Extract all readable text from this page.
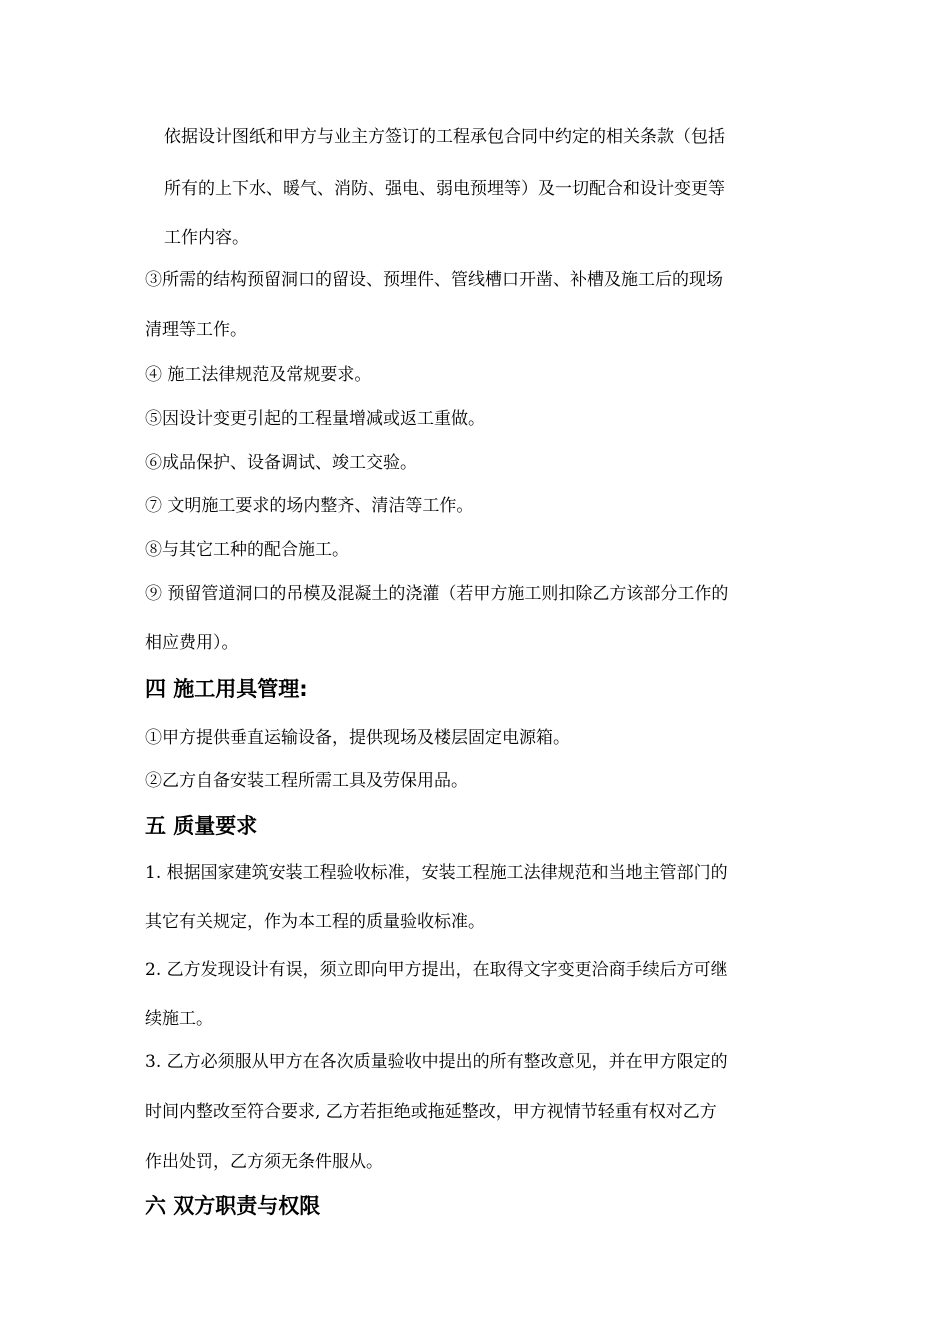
依据设计图纸和甲方与业主方签订的工程承包合同中约定的相关条款（包括
所有的上下水、暖气、消防、强电、弱电预埋等）及一切配合和设计变更等
工作内容。
③所需的结构预留洞口的留设、预埋件、管线槽口开凿、补槽及施工后的现场
清理等工作。
④ 施工法律规范及常规要求。
⑤因设计变更引起的工程量增减或返工重做。
⑥成品保护、设备调试、竣工交验。
⑦ 文明施工要求的场内整齐、清洁等工作。
⑧与其它工种的配合施工。
⑨ 预留管道洞口的吊模及混凝土的浇灌（若甲方施工则扣除乙方该部分工作的
相应费用）。
四 施工用具管理:
①甲方提供垂直运输设备，提供现场及楼层固定电源箱。
②乙方自备安装工程所需工具及劳保用品。
五 质量要求
1. 根据国家建筑安装工程验收标准，安装工程施工法律规范和当地主管部门的
其它有关规定，作为本工程的质量验收标准。
2. 乙方发现设计有误，须立即向甲方提出，在取得文字变更洽商手续后方可继
续施工。
3. 乙方必须服从甲方在各次质量验收中提出的所有整改意见，并在甲方限定的
时间内整改至符合要求, 乙方若拒绝或拖延整改，甲方视情节轻重有权对乙方
作出处罚，乙方须无条件服从。
六 双方职责与权限
